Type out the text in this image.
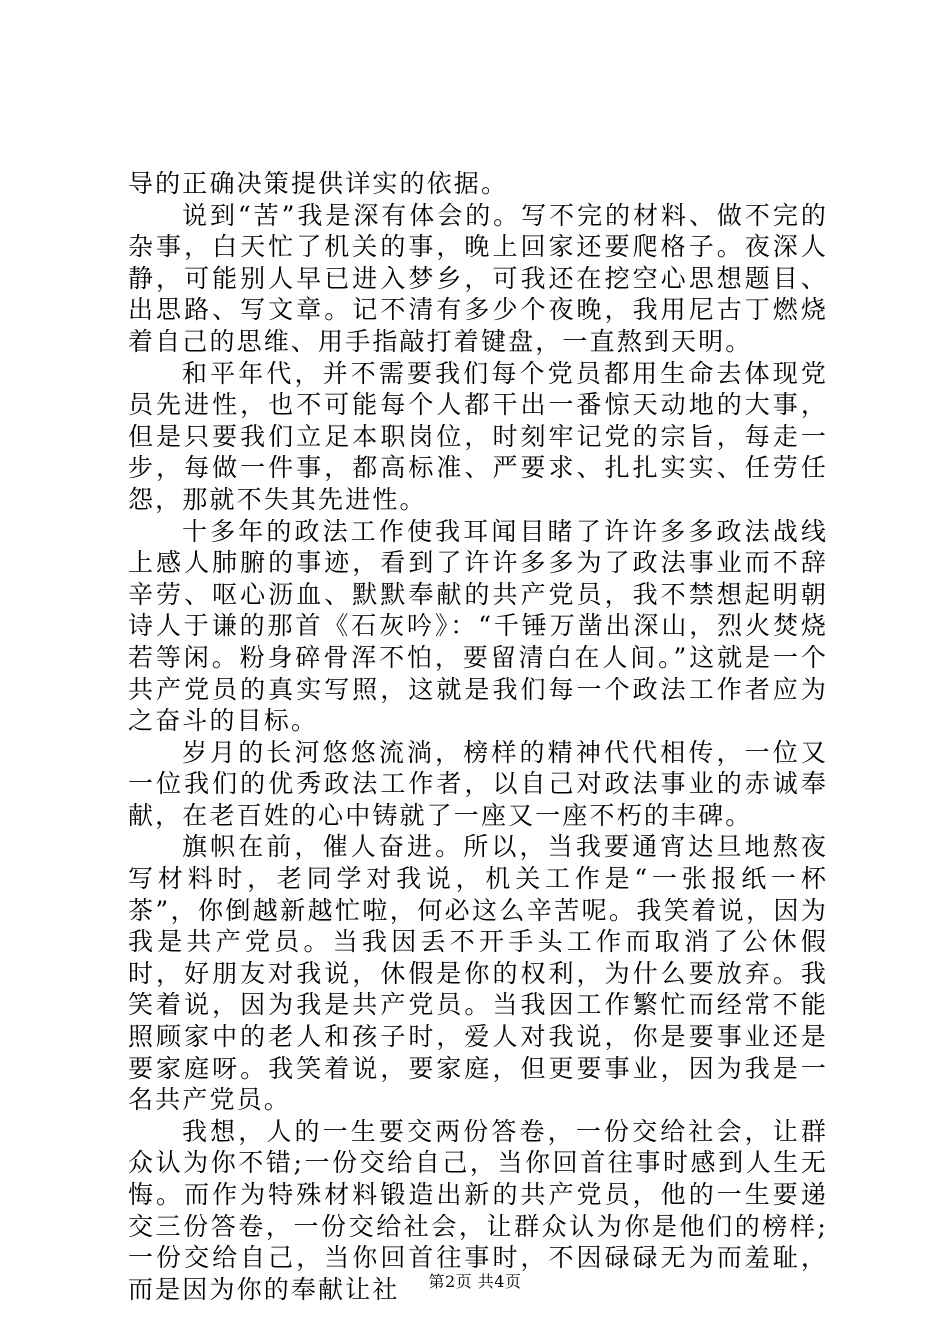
导的正确决策提供详实的依据。

说到“苦”我是深有体会的。写不完的材料、做不完的杂事，白天忙了机关的事，晚上回家还要爬格子。夜深人静，可能别人早已进入梦乡，可我还在挖空心思想题目、出思路、写文章。记不清有多少个夜晚，我用尼古丁燃烧着自己的思维、用手指敲打着键盘，一直熬到天明。

和平年代，并不需要我们每个党员都用生命去体现党员先进性，也不可能每个人都干出一番惊天动地的大事，但是只要我们立足本职岗位，时刻牢记党的宗旨，每走一步，每做一件事，都高标准、严要求、扎扎实实、任劳任怨，那就不失其先进性。

十多年的政法工作使我耳闻目睹了许许多多政法战线上感人肺腑的事迹，看到了许许多多为了政法事业而不辞辛劳、呕心沥血、默默奉献的共产党员，我不禁想起明朝诗人于谦的那首《石灰吟》：“千锤万凿出深山，烈火焚烧若等闲。粉身碎骨浑不怕，要留清白在人间。”这就是一个共产党员的真实写照，这就是我们每一个政法工作者应为之奋斗的目标。

岁月的长河悠悠流淌，榜样的精神代代相传，一位又一位我们的优秀政法工作者，以自己对政法事业的赤诚奉献，在老百姓的心中铸就了一座又一座不朽的丰碑。

旗帜在前，催人奋进。所以，当我要通宵达旦地熬夜写材料时，老同学对我说，机关工作是“一张报纸一杯茶”，你倒越新越忙啦，何必这么辛苦呢。我笑着说，因为我是共产党员。当我因丢不开手头工作而取消了公休假时，好朋友对我说，休假是你的权利，为什么要放弃。我笑着说，因为我是共产党员。当我因工作繁忙而经常不能照顾家中的老人和孩子时，爱人对我说，你是要事业还是要家庭呀。我笑着说，要家庭，但更要事业，因为我是一名共产党员。

我想，人的一生要交两份答卷，一份交给社会，让群众认为你不错;一份交给自己，当你回首往事时感到人生无悔。而作为特殊材料锻造出新的共产党员，他的一生要递交三份答卷，一份交给社会，让群众认为你是他们的榜样;一份交给自己，当你回首往事时，不因碌碌无为而羞耻，而是因为你的奉献让社	第2页 共4页
